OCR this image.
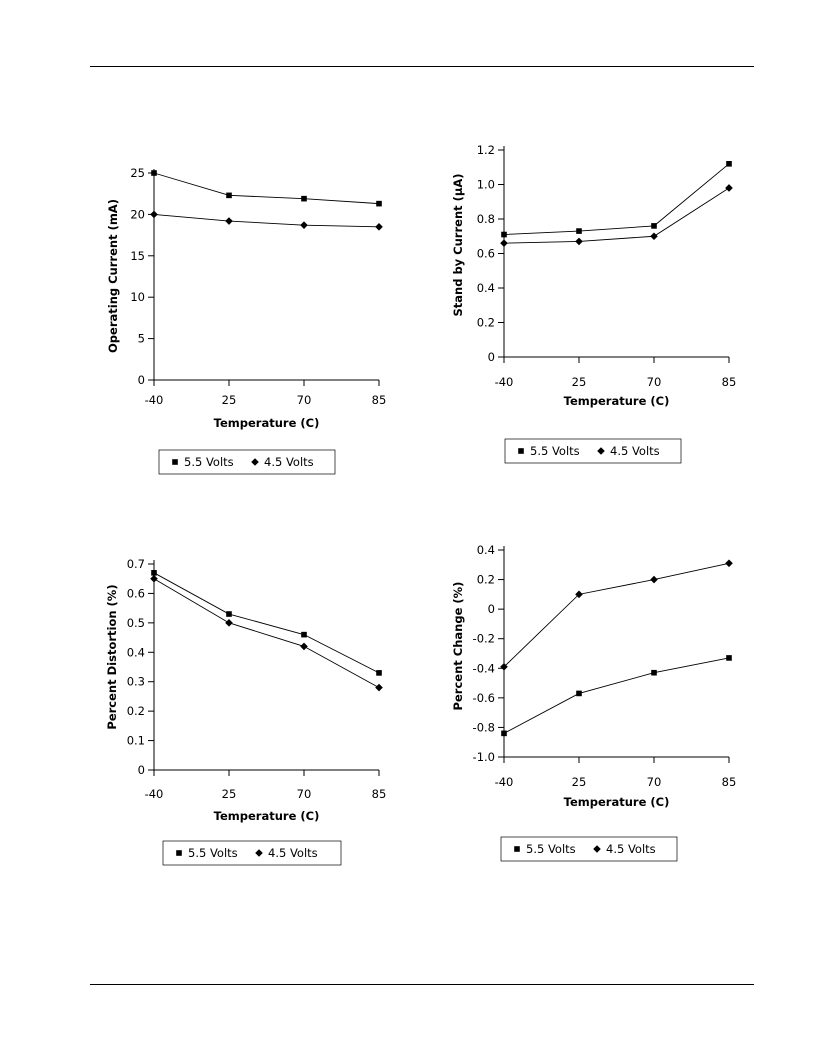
0
5
10
15
20
25
-40	25	70	85
Operating Current (mA)
Temperature (C)
5.5 Volts	4.5 Volts
0
0.2
0.4
0.6
0.8
1.0
1.2
-40	25	70	85
Stand by Current (µA)
Temperature (C)
5.5 Volts	4.5 Volts
0
0.1
0.2
0.3
0.4
0.5
0.6
0.7
-40	25	70	85
Percent Distortion (%)
Temperature (C)
5.5 Volts	4.5 Volts
-1.0
-0.8
-0.6
-0.4
-0.2
0
0.2
0.4
-40	25	70	85
Percent Change (%)
Temperature (C)
5.5 Volts	4.5 Volts
